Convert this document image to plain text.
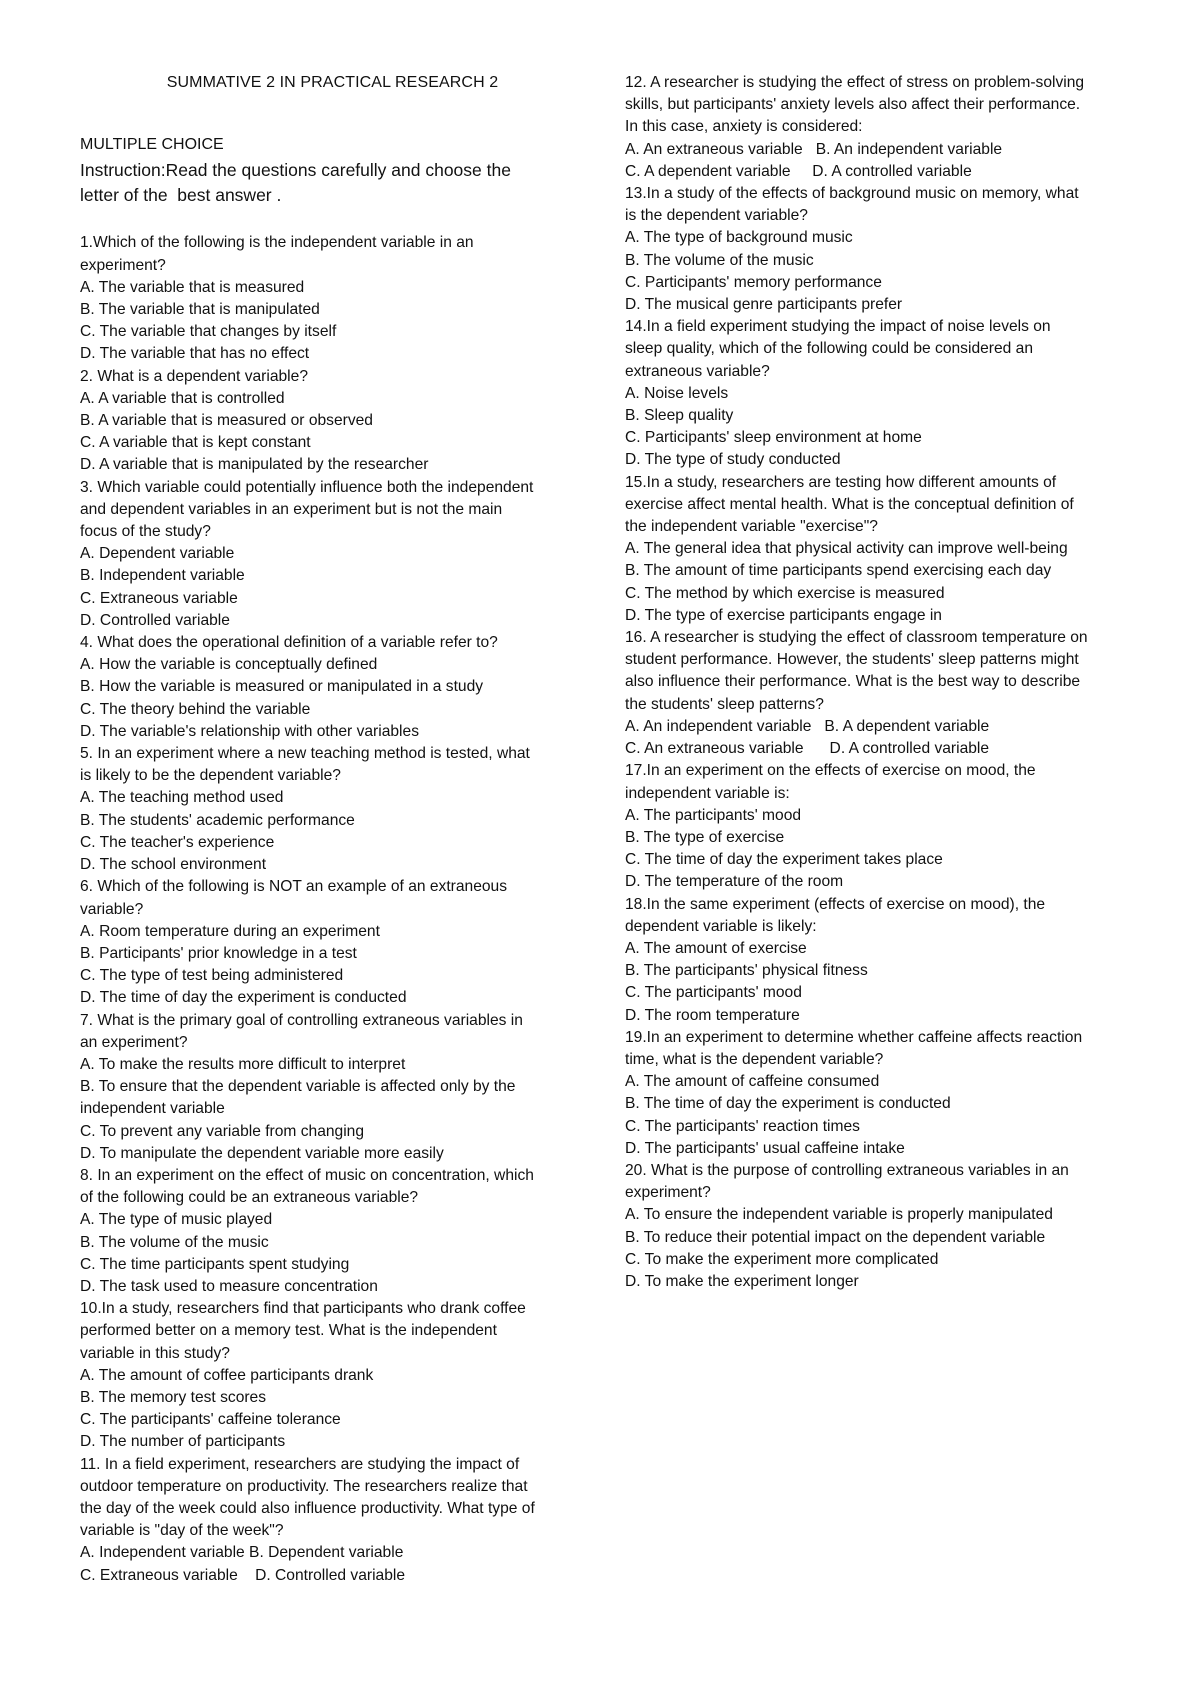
SUMMATIVE 2 IN PRACTICAL RESEARCH 2
MULTIPLE CHOICE
Instruction:Read the questions carefully and choose the
letter of the  best answer .
1.Which of the following is the independent variable in an
experiment?
A. The variable that is measured
B. The variable that is manipulated
C. The variable that changes by itself
D. The variable that has no effect
2. What is a dependent variable?
A. A variable that is controlled
B. A variable that is measured or observed
C. A variable that is kept constant
D. A variable that is manipulated by the researcher
3. Which variable could potentially influence both the independent
and dependent variables in an experiment but is not the main
focus of the study?
A. Dependent variable
B. Independent variable
C. Extraneous variable
D. Controlled variable
4. What does the operational definition of a variable refer to?
A. How the variable is conceptually defined
B. How the variable is measured or manipulated in a study
C. The theory behind the variable
D. The variable's relationship with other variables
5. In an experiment where a new teaching method is tested, what
is likely to be the dependent variable?
A. The teaching method used
B. The students' academic performance
C. The teacher's experience
D. The school environment
6. Which of the following is NOT an example of an extraneous
variable?
A. Room temperature during an experiment
B. Participants' prior knowledge in a test
C. The type of test being administered
D. The time of day the experiment is conducted
7. What is the primary goal of controlling extraneous variables in
an experiment?
A. To make the results more difficult to interpret
B. To ensure that the dependent variable is affected only by the
independent variable
C. To prevent any variable from changing
D. To manipulate the dependent variable more easily
8. In an experiment on the effect of music on concentration, which
of the following could be an extraneous variable?
A. The type of music played
B. The volume of the music
C. The time participants spent studying
D. The task used to measure concentration
10.In a study, researchers find that participants who drank coffee
performed better on a memory test. What is the independent
variable in this study?
A. The amount of coffee participants drank
B. The memory test scores
C. The participants' caffeine tolerance
D. The number of participants
11. In a field experiment, researchers are studying the impact of
outdoor temperature on productivity. The researchers realize that
the day of the week could also influence productivity. What type of
variable is "day of the week"?
A. Independent variable B. Dependent variable
C. Extraneous variable    D. Controlled variable
12. A researcher is studying the effect of stress on problem-solving
skills, but participants' anxiety levels also affect their performance.
In this case, anxiety is considered:
A. An extraneous variable   B. An independent variable
C. A dependent variable     D. A controlled variable
13.In a study of the effects of background music on memory, what
is the dependent variable?
A. The type of background music
B. The volume of the music
C. Participants' memory performance
D. The musical genre participants prefer
14.In a field experiment studying the impact of noise levels on
sleep quality, which of the following could be considered an
extraneous variable?
A. Noise levels
B. Sleep quality
C. Participants' sleep environment at home
D. The type of study conducted
15.In a study, researchers are testing how different amounts of
exercise affect mental health. What is the conceptual definition of
the independent variable "exercise"?
A. The general idea that physical activity can improve well-being
B. The amount of time participants spend exercising each day
C. The method by which exercise is measured
D. The type of exercise participants engage in
16. A researcher is studying the effect of classroom temperature on
student performance. However, the students' sleep patterns might
also influence their performance. What is the best way to describe
the students' sleep patterns?
A. An independent variable   B. A dependent variable
C. An extraneous variable      D. A controlled variable
17.In an experiment on the effects of exercise on mood, the
independent variable is:
A. The participants' mood
B. The type of exercise
C. The time of day the experiment takes place
D. The temperature of the room
18.In the same experiment (effects of exercise on mood), the
dependent variable is likely:
A. The amount of exercise
B. The participants' physical fitness
C. The participants' mood
D. The room temperature
19.In an experiment to determine whether caffeine affects reaction
time, what is the dependent variable?
A. The amount of caffeine consumed
B. The time of day the experiment is conducted
C. The participants' reaction times
D. The participants' usual caffeine intake
20. What is the purpose of controlling extraneous variables in an
experiment?
A. To ensure the independent variable is properly manipulated
B. To reduce their potential impact on the dependent variable
C. To make the experiment more complicated
D. To make the experiment longer
